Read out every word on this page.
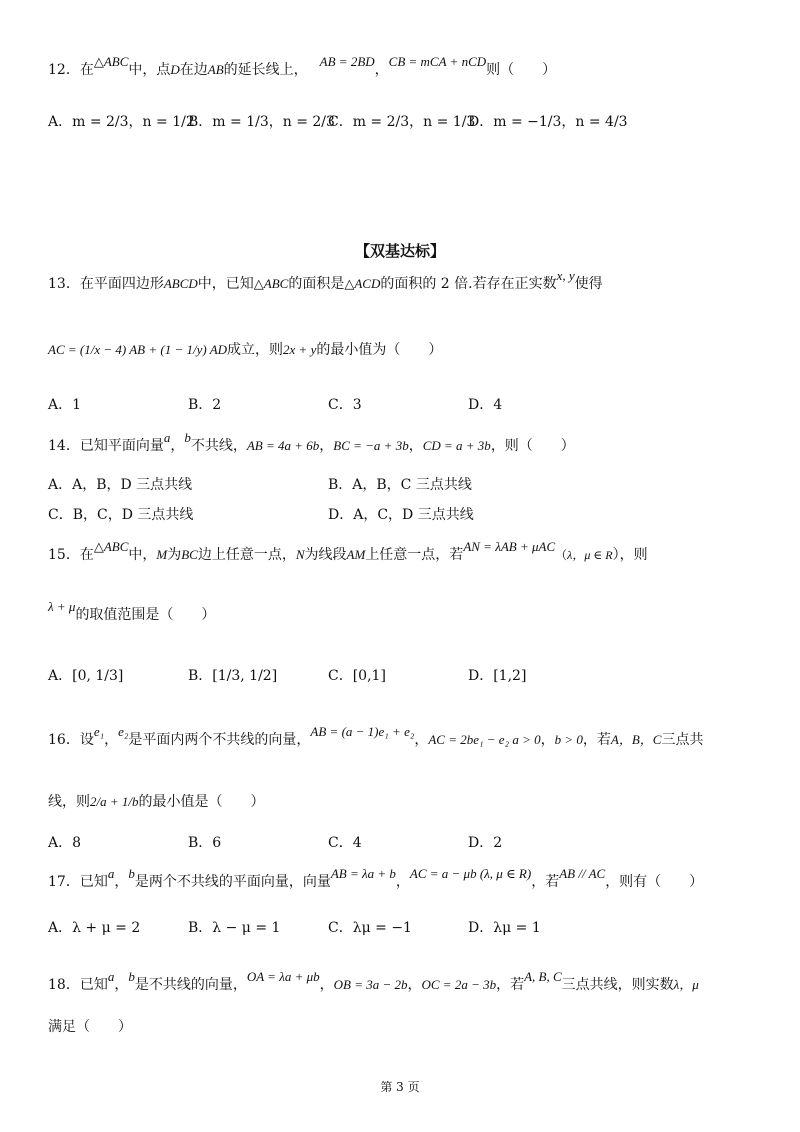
12．在△ABC中，点D在边AB的延长线上，AB = 2BD，CB = mCA + nCD则（　　）
A．m = 2/3，n = 1/2
B．m = 1/3，n = 2/3
C．m = 2/3，n = 1/3
D．m = −1/3，n = 4/3
【双基达标】
13．在平面四边形ABCD中，已知△ABC的面积是△ACD的面积的 2 倍.若存在正实数x, y使得
AC = (1/x − 4) AB + (1 − 1/y) AD成立，则2x + y的最小值为（　　）
A．1	B．2	C．3	D．4
14．已知平面向量a，b不共线，AB = 4a + 6b，BC = −a + 3b，CD = a + 3b，则（　　）
A．A，B，D 三点共线	B．A，B，C 三点共线
C．B，C，D 三点共线	D．A，C，D 三点共线
15．在△ABC中，M为BC边上任意一点，N为线段AM上任意一点，若AN = λAB + μAC（λ，μ ∈ R），则
λ + μ的取值范围是（　　）
A．[0, 1/3]	B．[1/3, 1/2]	C．[0,1]	D．[1,2]
16．设e₁，e₂是平面内两个不共线的向量，AB = (a − 1)e₁ + e₂，AC = 2be₁ − e₂ a > 0，b > 0，若A，B，C三点共
线，则2/a + 1/b的最小值是（　　）
A．8	B．6	C．4	D．2
17．已知a，b是两个不共线的平面向量，向量AB = λa + b，AC = a − μb (λ, μ ∈ R)，若AB // AC，则有（　　）
A．λ + μ = 2	B．λ − μ = 1	C．λμ = −1	D．λμ = 1
18．已知a，b是不共线的向量，OA = λa + μb，OB = 3a − 2b，OC = 2a − 3b，若A, B, C三点共线，则实数λ，μ
满足（　　）
第 3 页
